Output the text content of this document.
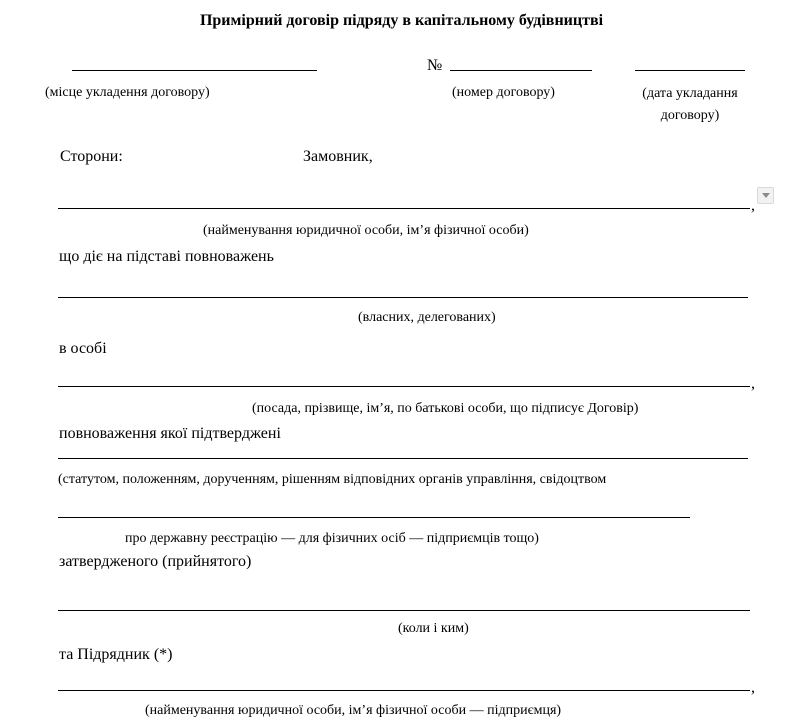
Примірний договір підряду в капітальному будівництві
№
(місце укладення договору)	(номер договору)	(дата укладання
договору)
Сторони:	Замовник,
,
(найменування юридичної особи, ім’я фізичної особи)
що діє на підставі повноважень
(власних, делегованих)
в особі
,
(посада, прізвище, ім’я, по батькові особи, що підписує Договір)
повноваження якої підтверджені
(статутом, положенням, дорученням, рішенням відповідних органів управління, свідоцтвом
про державну реєстрацію — для фізичних осіб — підприємців тощо)
затвердженого (прийнятого)
(коли і ким)
та Підрядник (*)
,
(найменування юридичної особи, ім’я фізичної особи — підприємця)
